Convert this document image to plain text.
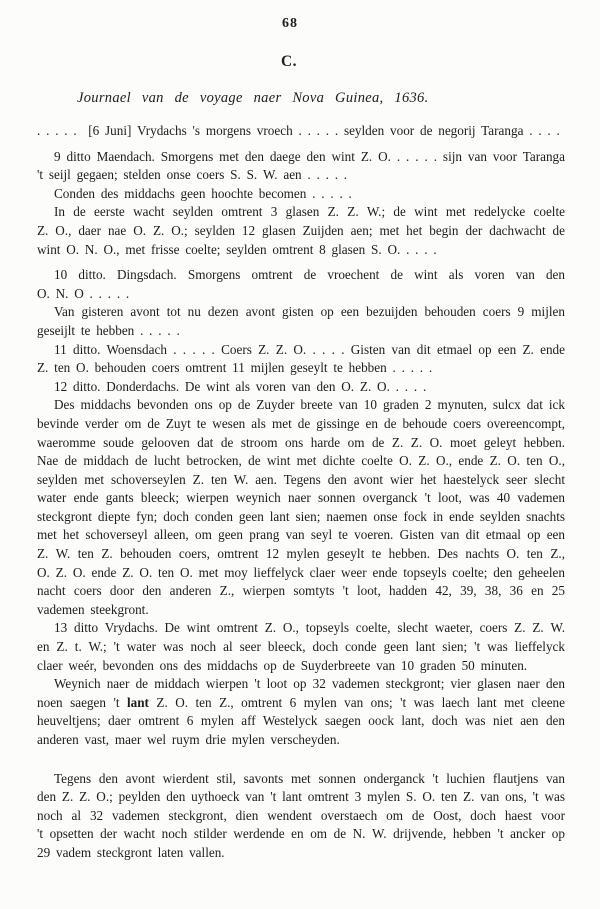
68
C.
Journael van de voyage naer Nova Guinea, 1636.

. . . . .  [6 Juni] Vrydachs 's morgens vroech . . . . . seylden voor de negorij Taranga . . . .

9 ditto Maendach. Smorgens met den daege den wint Z. O. . . . . . sijn van voor Taranga 't seijl gegaen; stelden onse coers S. S. W. aen . . . . .

Conden des middachs geen hoochte becomen . . . . .

In de eerste wacht seylden omtrent 3 glasen Z. Z. W.; de wint met redelycke coelte Z. O., daer nae O. Z. O.; seylden 12 glasen Zuijden aen; met het begin der dachwacht de wint O. N. O., met frisse coelte; seylden omtrent 8 glasen S. O. . . . .

10 ditto. Dingsdach. Smorgens omtrent de vroechent de wint als voren van den O. N. O . . . . .

Van gisteren avont tot nu dezen avont gisten op een bezuijden behouden coers 9 mijlen geseijlt te hebben . . . . .

11 ditto. Woensdach . . . . . Coers Z. Z. O. . . . . Gisten van dit etmael op een Z. ende Z. ten O. behouden coers omtrent 11 mijlen geseylt te hebben . . . . .

12 ditto. Donderdachs. De wint als voren van den O. Z. O. . . . .

Des middachs bevonden ons op de Zuyder breete van 10 graden 2 mynuten, sulcx dat ick bevinde verder om de Zuyt te wesen als met de gissinge en de behoude coers overeencompt, waeromme soude gelooven dat de stroom ons harde om de Z. Z. O. moet geleyt hebben. Nae de middach de lucht betrocken, de wint met dichte coelte O. Z. O., ende Z. O. ten O., seylden met schoverseylen Z. ten W. aen. Tegens den avont wier het haestelyck seer slecht water ende gants bleeck; wierpen weynich naer sonnen overganck 't loot, was 40 vademen steckgront diepte fyn; doch conden geen lant sien; naemen onse fock in ende seylden snachts met het schoverseyl alleen, om geen prang van seyl te voeren. Gisten van dit etmaal op een Z. W. ten Z. behouden coers, omtrent 12 mylen geseylt te hebben. Des nachts O. ten Z., O. Z. O. ende Z. O. ten O. met moy lieffelyck claer weer ende topseyls coelte; den geheelen nacht coers door den anderen Z., wierpen somtyts 't loot, hadden 42, 39, 38, 36 en 25 vademen steekgront.

13 ditto Vrydachs. De wint omtrent Z. O., topseyls coelte, slecht waeter, coers Z. Z. W. en Z. t. W.; 't water was noch al seer bleeck, doch conde geen lant sien; 't was lieffelyck claer weér, bevonden ons des middachs op de Suyderbreete van 10 graden 50 minuten.

Weynich naer de middach wierpen 't loot op 32 vademen steckgront; vier glasen naer den noen saegen 't lant Z. O. ten Z., omtrent 6 mylen van ons; 't was laech lant met cleene heuveltjens; daer omtrent 6 mylen aff Westelyck saegen oock lant, doch was niet aen den anderen vast, maer wel ruym drie mylen verscheyden.

Tegens den avont wierdent stil, savonts met sonnen onderganck 't luchien flautjens van den Z. Z. O.; peylden den uythoeck van 't lant omtrent 3 mylen S. O. ten Z. van ons, 't was noch al 32 vademen steckgront, dien wendent overstaech om de Oost, doch haest voor 't opsetten der wacht noch stilder werdende en om de N. W. drijvende, hebben 't ancker op 29 vadem steckgront laten vallen.
